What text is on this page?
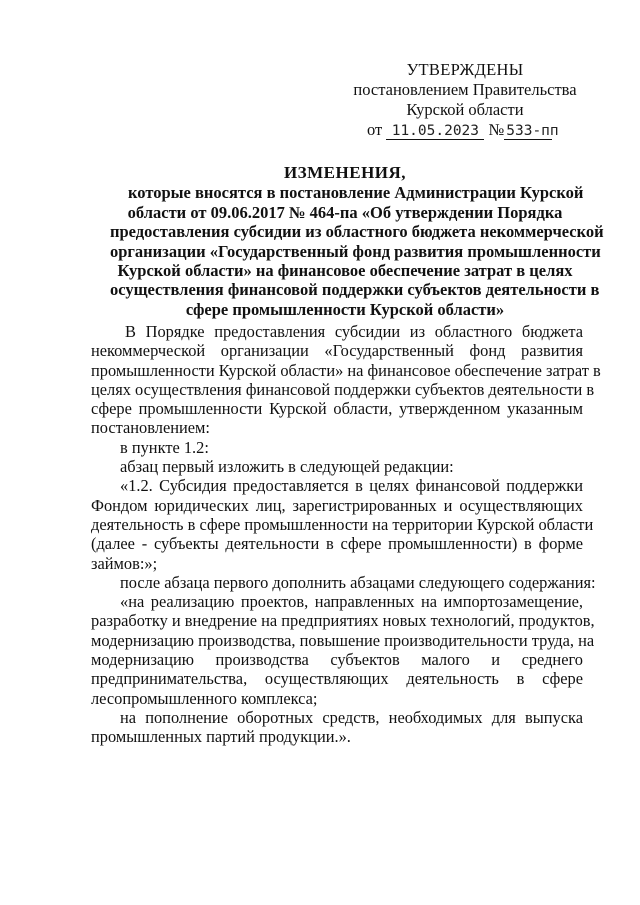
УТВЕРЖДЕНЫ
постановлением Правительства
Курской области
от 11.05.2023 № 533-пп
ИЗМЕНЕНИЯ,
которые вносятся в постановление Администрации Курской
области от 09.06.2017 № 464-па «Об утверждении Порядка
предоставления субсидии из областного бюджета некоммерческой
организации «Государственный фонд развития промышленности
Курской области» на финансовое обеспечение затрат в целях
осуществления финансовой поддержки субъектов деятельности в
сфере промышленности Курской области»
В Порядке предоставления субсидии из областного бюджета
некоммерческой организации «Государственный фонд развития
промышленности Курской области» на финансовое обеспечение затрат в
целях осуществления финансовой поддержки субъектов деятельности в
сфере промышленности Курской области, утвержденном указанным
постановлением:
в пункте 1.2:
абзац первый изложить в следующей редакции:
«1.2. Субсидия предоставляется в целях финансовой поддержки
Фондом юридических лиц, зарегистрированных и осуществляющих
деятельность в сфере промышленности на территории Курской области
(далее - субъекты деятельности в сфере промышленности) в форме
займов:»;
после абзаца первого дополнить абзацами следующего содержания:
«на реализацию проектов, направленных на импортозамещение,
разработку и внедрение на предприятиях новых технологий, продуктов,
модернизацию производства, повышение производительности труда, на
модернизацию производства субъектов малого и среднего
предпринимательства, осуществляющих деятельность в сфере
лесопромышленного комплекса;
на пополнение оборотных средств, необходимых для выпуска
промышленных партий продукции.».
